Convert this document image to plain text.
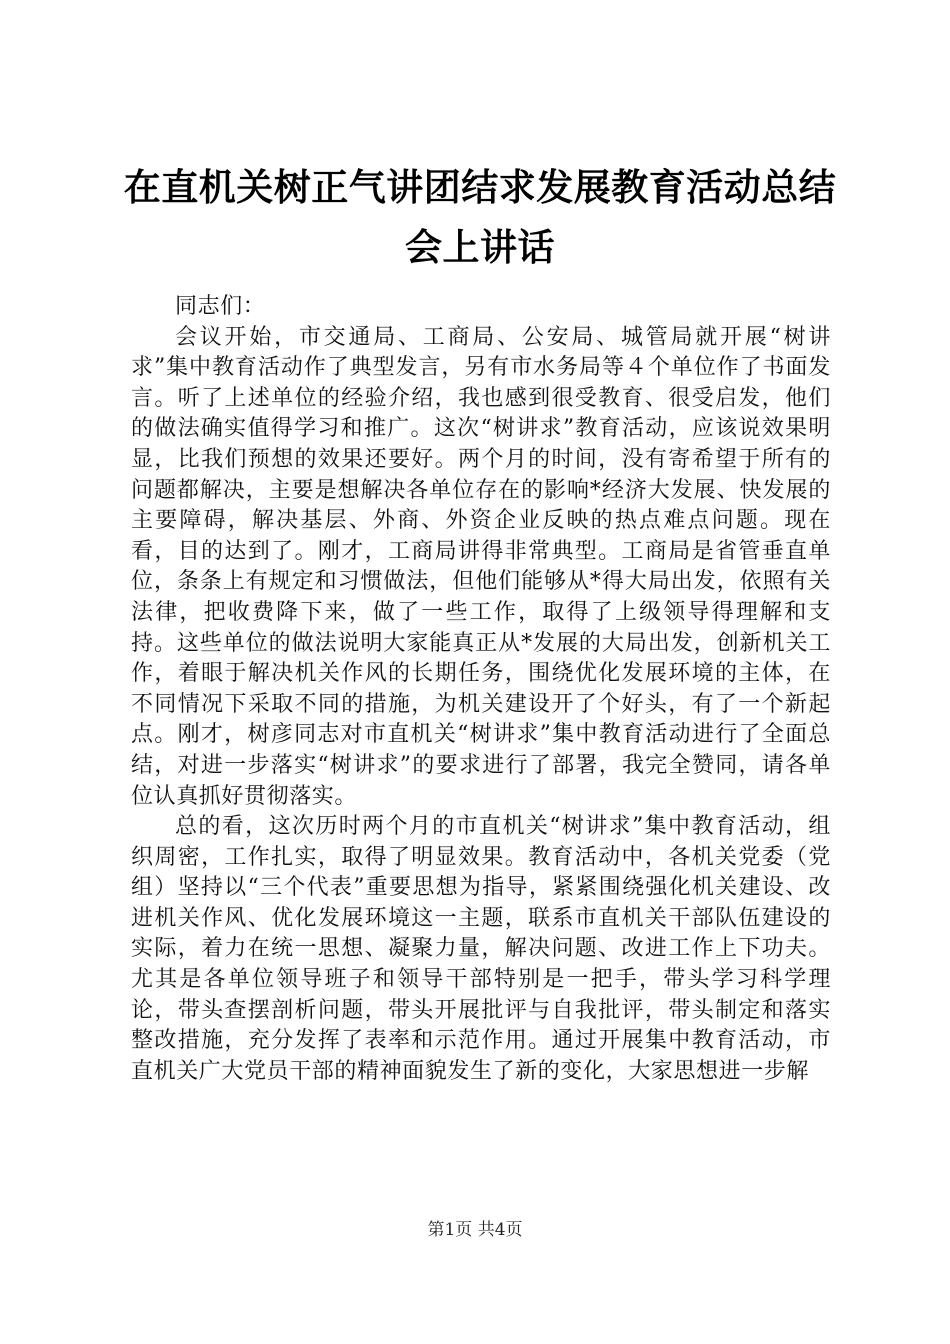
在直机关树正气讲团结求发展教育活动总结会上讲话

同志们：

会议开始，市交通局、工商局、公安局、城管局就开展“树讲求”集中教育活动作了典型发言，另有市水务局等４个单位作了书面发言。听了上述单位的经验介绍，我也感到很受教育、很受启发，他们的做法确实值得学习和推广。这次“树讲求”教育活动，应该说效果明显，比我们预想的效果还要好。两个月的时间，没有寄希望于所有的问题都解决，主要是想解决各单位存在的影响*经济大发展、快发展的主要障碍，解决基层、外商、外资企业反映的热点难点问题。现在看，目的达到了。刚才，工商局讲得非常典型。工商局是省管垂直单位，条条上有规定和习惯做法，但他们能够从*得大局出发，依照有关法律，把收费降下来，做了一些工作，取得了上级领导得理解和支持。这些单位的做法说明大家能真正从*发展的大局出发，创新机关工作，着眼于解决机关作风的长期任务，围绕优化发展环境的主体，在不同情况下采取不同的措施，为机关建设开了个好头，有了一个新起点。刚才，树彦同志对市直机关“树讲求”集中教育活动进行了全面总结，对进一步落实“树讲求”的要求进行了部署，我完全赞同，请各单位认真抓好贯彻落实。

总的看，这次历时两个月的市直机关“树讲求”集中教育活动，组织周密，工作扎实，取得了明显效果。教育活动中，各机关党委（党组）坚持以“三个代表”重要思想为指导，紧紧围绕强化机关建设、改进机关作风、优化发展环境这一主题，联系市直机关干部队伍建设的实际，着力在统一思想、凝聚力量，解决问题、改进工作上下功夫。尤其是各单位领导班子和领导干部特别是一把手，带头学习科学理论，带头查摆剖析问题，带头开展批评与自我批评，带头制定和落实整改措施，充分发挥了表率和示范作用。通过开展集中教育活动，市直机关广大党员干部的精神面貌发生了新的变化，大家思想进一步解

第1页 共4页
